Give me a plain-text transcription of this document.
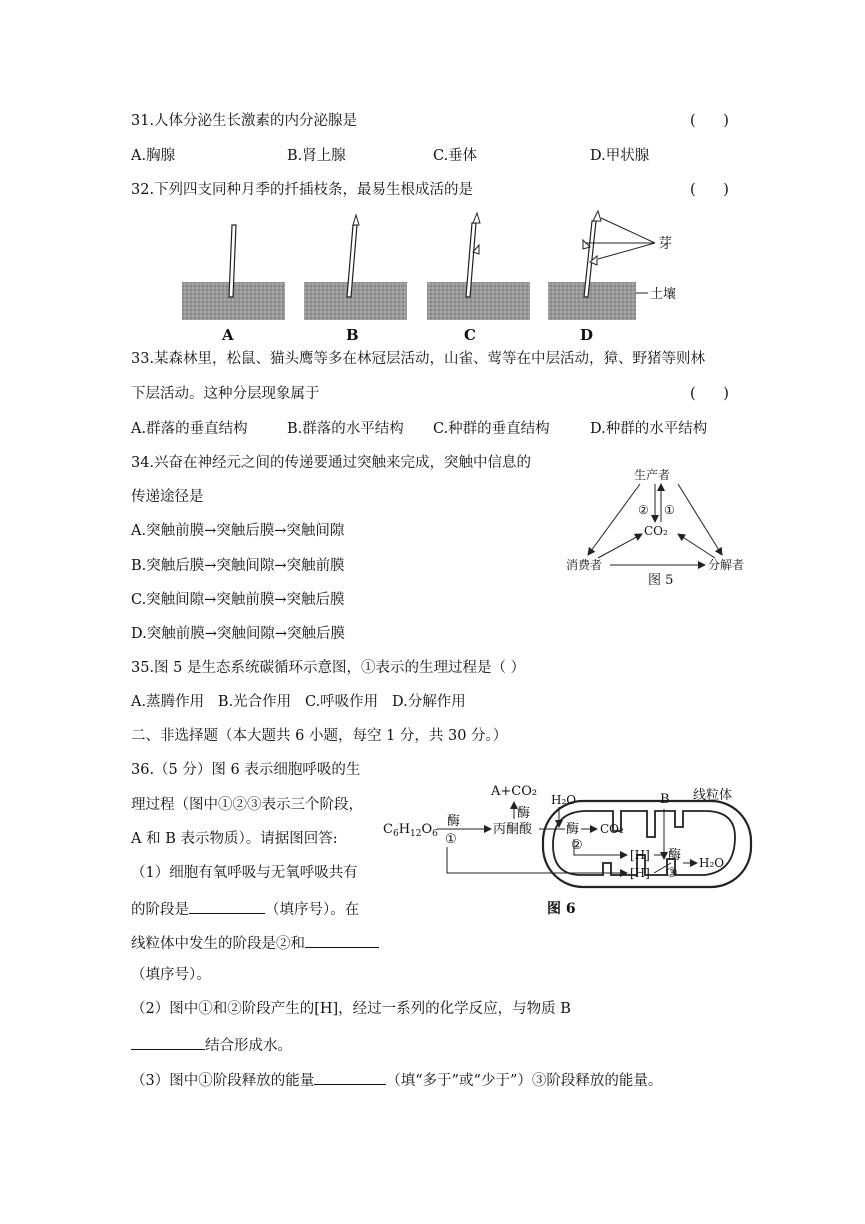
31.人体分泌生长激素的内分泌腺是	(      )
A.胸腺	B.肾上腺	C.垂体	D.甲状腺
32.下列四支同种月季的扦插枝条，最易生根成活的是	(      )
芽
土壤
A	B	C	D
33.某森林里，松鼠、猫头鹰等多在林冠层活动，山雀、莺等在中层活动，獐、野猪等则林
下层活动。这种分层现象属于	(      )
A.群落的垂直结构	B.群落的水平结构 C.种群的垂直结构	D.种群的水平结构
34.兴奋在神经元之间的传递要通过突触来完成，突触中信息的
传递途径是
A.突触前膜→突触后膜→突触间隙
B.突触后膜→突触间隙→突触前膜
C.突触间隙→突触前膜→突触后膜
D.突触前膜→突触间隙→突触后膜
生产者
CO₂
消费者	分解者
② ①
图 5
35.图 5 是生态系统碳循环示意图，①表示的生理过程是（ ）
A.蒸腾作用   B.光合作用   C.呼吸作用   D.分解作用
二、非选择题（本大题共 6 小题，每空 1 分，共 30 分。）
36.（5 分）图 6 表示细胞呼吸的生
理过程（图中①②③表示三个阶段，
A 和 B 表示物质）。请据图回答:
（1）细胞有氧呼吸与无氧呼吸共有
的阶段是	（填序号）。在
线粒体中发生的阶段是②和
（填序号）。
（2）图中①和②阶段产生的[H]，经过一系列的化学反应，与物质 B
结合形成水。
（3）图中①阶段释放的能量	（填“多于”或“少于”）③阶段释放的能量。
A+CO₂
酶
H₂O	B 线粒体
$C_6H_{12}O_6$
酶
①
丙酮酸	酶 CO₂
②
[H]
[H]
酶 H₂O
③
图 6
